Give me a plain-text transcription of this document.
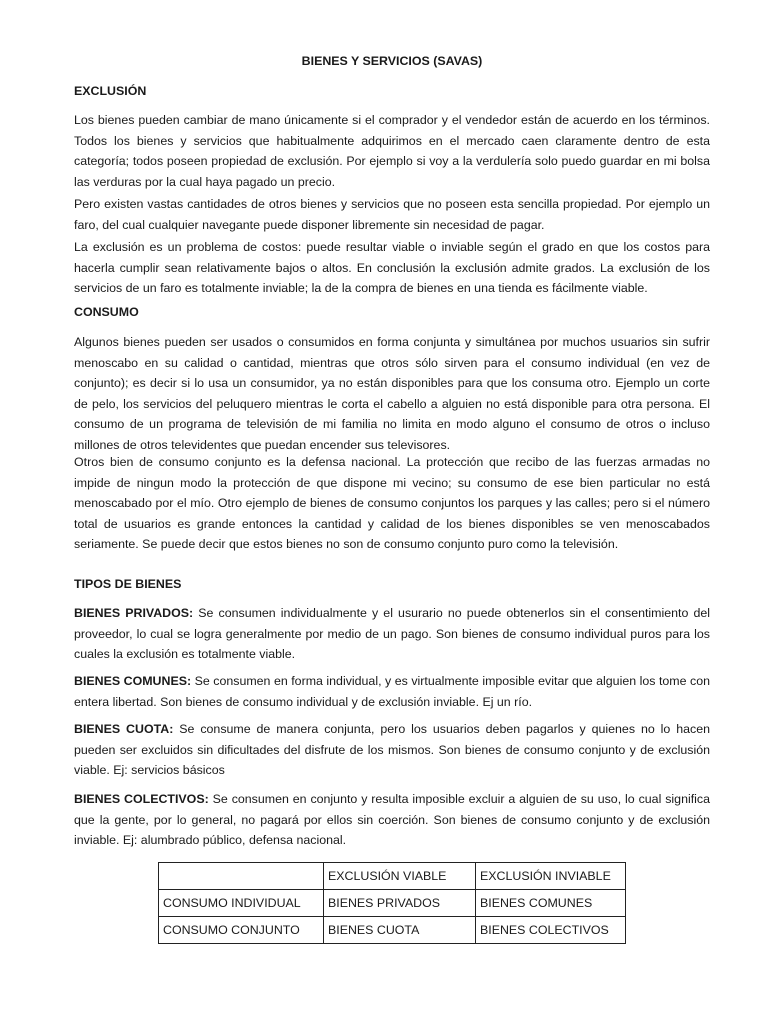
BIENES Y SERVICIOS (SAVAS)

EXCLUSIÓN

Los bienes pueden cambiar de mano únicamente si el comprador y el vendedor están de acuerdo en los términos. Todos los bienes y servicios que habitualmente adquirimos en el mercado caen claramente dentro de esta categoría; todos poseen propiedad de exclusión. Por ejemplo si voy a la verdulería solo puedo guardar en mi bolsa las verduras por la cual haya pagado un precio.

Pero existen vastas cantidades de otros bienes y servicios que no poseen esta sencilla propiedad. Por ejemplo un faro, del cual cualquier navegante puede disponer libremente sin necesidad de pagar.

La exclusión es un problema de costos: puede resultar viable o inviable según el grado en que los costos para hacerla cumplir sean relativamente bajos o altos. En conclusión la exclusión admite grados. La exclusión de los servicios de un faro es totalmente inviable; la de la compra de bienes en una tienda es fácilmente viable.

CONSUMO

Algunos bienes pueden ser usados o consumidos en forma conjunta y simultánea por muchos usuarios sin sufrir menoscabo en su calidad o cantidad, mientras que otros sólo sirven para el consumo individual (en vez de conjunto); es decir si lo usa un consumidor, ya no están disponibles para que los consuma otro. Ejemplo un corte de pelo, los servicios del peluquero mientras le corta el cabello a alguien no está disponible para otra persona. El consumo de un programa de televisión de mi familia no limita en modo alguno el consumo de otros o incluso millones de otros televidentes que puedan encender sus televisores.

Otros bien de consumo conjunto es la defensa nacional. La protección que recibo de las fuerzas armadas no impide de ningun modo la protección de que dispone mi vecino; su consumo de ese bien particular no está menoscabado por el mío. Otro ejemplo de bienes de consumo conjuntos los parques y las calles; pero si el número total de usuarios es grande entonces la cantidad y calidad de los bienes disponibles se ven menoscabados seriamente. Se puede decir que estos bienes no son de consumo conjunto puro como la televisión.

TIPOS DE BIENES

BIENES PRIVADOS: Se consumen individualmente y el usurario no puede obtenerlos sin el consentimiento del proveedor, lo cual se logra generalmente por medio de un pago. Son bienes de consumo individual puros para los cuales la exclusión es totalmente viable.

BIENES COMUNES: Se consumen en forma individual, y es virtualmente imposible evitar que alguien los tome con entera libertad. Son bienes de consumo individual y de exclusión inviable. Ej un río.

BIENES CUOTA: Se consume de manera conjunta, pero los usuarios deben pagarlos y quienes no lo hacen pueden ser excluidos sin dificultades del disfrute de los mismos. Son bienes de consumo conjunto y de exclusión viable. Ej: servicios básicos

BIENES COLECTIVOS: Se consumen en conjunto y resulta imposible excluir a alguien de su uso, lo cual significa que la gente, por lo general, no pagará por ellos sin coerción. Son bienes de consumo conjunto y de exclusión inviable. Ej: alumbrado público, defensa nacional.

	EXCLUSIÓN VIABLE	EXCLUSIÓN INVIABLE
CONSUMO INDIVIDUAL	BIENES PRIVADOS	BIENES COMUNES
CONSUMO CONJUNTO	BIENES CUOTA	BIENES COLECTIVOS
